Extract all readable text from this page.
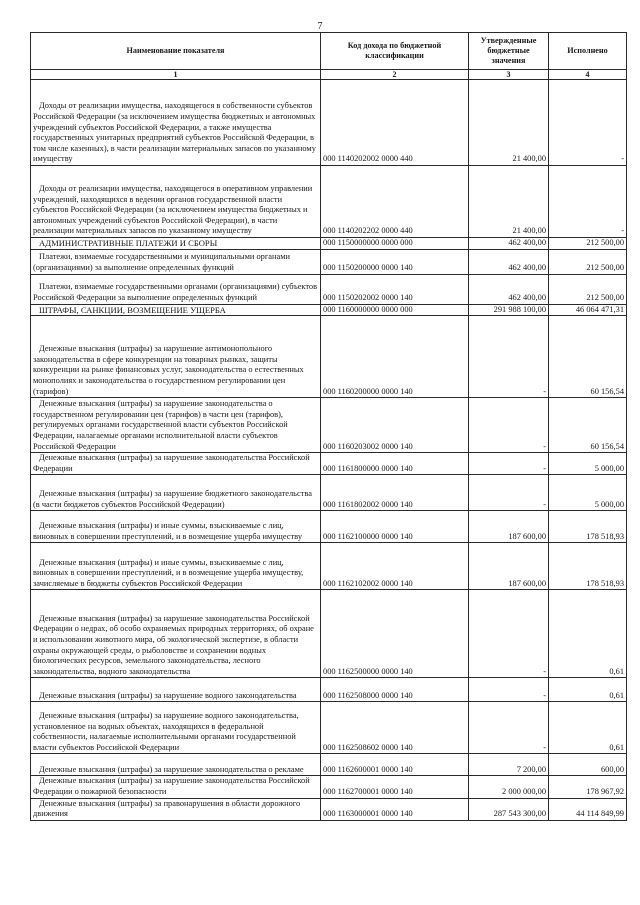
7
Наименование показателя	Код дохода по бюджетной классификации	Утвержденные бюджетные значения	Исполнено
1	2	3	4
Доходы от реализации имущества, находящегося в собственности субъектов Российской Федерации (за исключением имущества бюджетных и автономных учреждений субъектов Российской Федерации, а также имущества государственных унитарных предприятий субъектов Российской Федерации, в том числе казенных), в части реализации материальных запасов по указанному имуществу	000 1140202002 0000 440	21 400,00	-
Доходы от реализации имущества, находящегося в оперативном управлении учреждений, находящихся в ведении органов государственной власти субъектов Российской Федерации (за исключением имущества бюджетных и автономных учреждений субъектов Российской Федерации), в части реализации материальных запасов по указанному имуществу	000 1140202202 0000 440	21 400,00	-
АДМИНИСТРАТИВНЫЕ ПЛАТЕЖИ И СБОРЫ	000 1150000000 0000 000	462 400,00	212 500,00
Платежи, взимаемые государственными и муниципальными органами (организациями) за выполнение определенных функций	000 1150200000 0000 140	462 400,00	212 500,00
Платежи, взимаемые государственными органами (организациями) субъектов Российской Федерации за выполнение определенных функций	000 1150202002 0000 140	462 400,00	212 500,00
ШТРАФЫ, САНКЦИИ, ВОЗМЕЩЕНИЕ УЩЕРБА	000 1160000000 0000 000	291 988 100,00	46 064 471,31
Денежные взыскания (штрафы) за нарушение антимонопольного законодательства в сфере конкуренции на товарных рынках, защиты конкуренции на рынке финансовых услуг, законодательства о естественных монополиях и законодательства о государственном регулировании цен (тарифов)	000 1160200000 0000 140	-	60 156,54
Денежные взыскания (штрафы) за нарушение законодательства о государственном регулировании цен (тарифов) в части цен (тарифов), регулируемых органами государственной власти субъектов Российской Федерации, налагаемые органами исполнительной власти субъектов Российской Федерации	000 1160203002 0000 140	-	60 156,54
Денежные взыскания (штрафы) за нарушение законодательства Российской Федерации	000 1161800000 0000 140	-	5 000,00
Денежные взыскания (штрафы) за нарушение бюджетного законодательства (в части бюджетов субъектов Российской Федерации)	000 1161802002 0000 140	-	5 000,00
Денежные взыскания (штрафы) и иные суммы, взыскиваемые с лиц, виновных в совершении преступлений, и в возмещение ущерба имуществу	000 1162100000 0000 140	187 600,00	178 518,93
Денежные взыскания (штрафы) и иные суммы, взыскиваемые с лиц, виновных в совершении преступлений, и в возмещение ущерба имуществу, зачисляемые в бюджеты субъектов Российской Федерации	000 1162102002 0000 140	187 600,00	178 518,93
Денежные взыскания (штрафы) за нарушение законодательства Российской Федерации о недрах, об особо охраняемых природных территориях, об охране и использовании животного мира, об экологической экспертизе, в области охраны окружающей среды, о рыболовстве и сохранении водных биологических ресурсов, земельного законодательства, лесного законодательства, водного законодательства	000 1162500000 0000 140	-	0,61
Денежные взыскания (штрафы) за нарушение водного законодательства	000 1162508000 0000 140	-	0,61
Денежные взыскания (штрафы) за нарушение водного законодательства, установленное на водных объектах, находящихся в федеральной собственности, налагаемые исполнительными органами государственной власти субъектов Российской Федерации	000 1162508602 0000 140	-	0,61
Денежные взыскания (штрафы) за нарушение законодательства о рекламе	000 1162600001 0000 140	7 200,00	600,00
Денежные взыскания (штрафы) за нарушение законодательства Российской Федерации о пожарной безопасности	000 1162700001 0000 140	2 000 000,00	178 967,92
Денежные взыскания (штрафы) за правонарушения в области дорожного движения	000 1163000001 0000 140	287 543 300,00	44 114 849,99
